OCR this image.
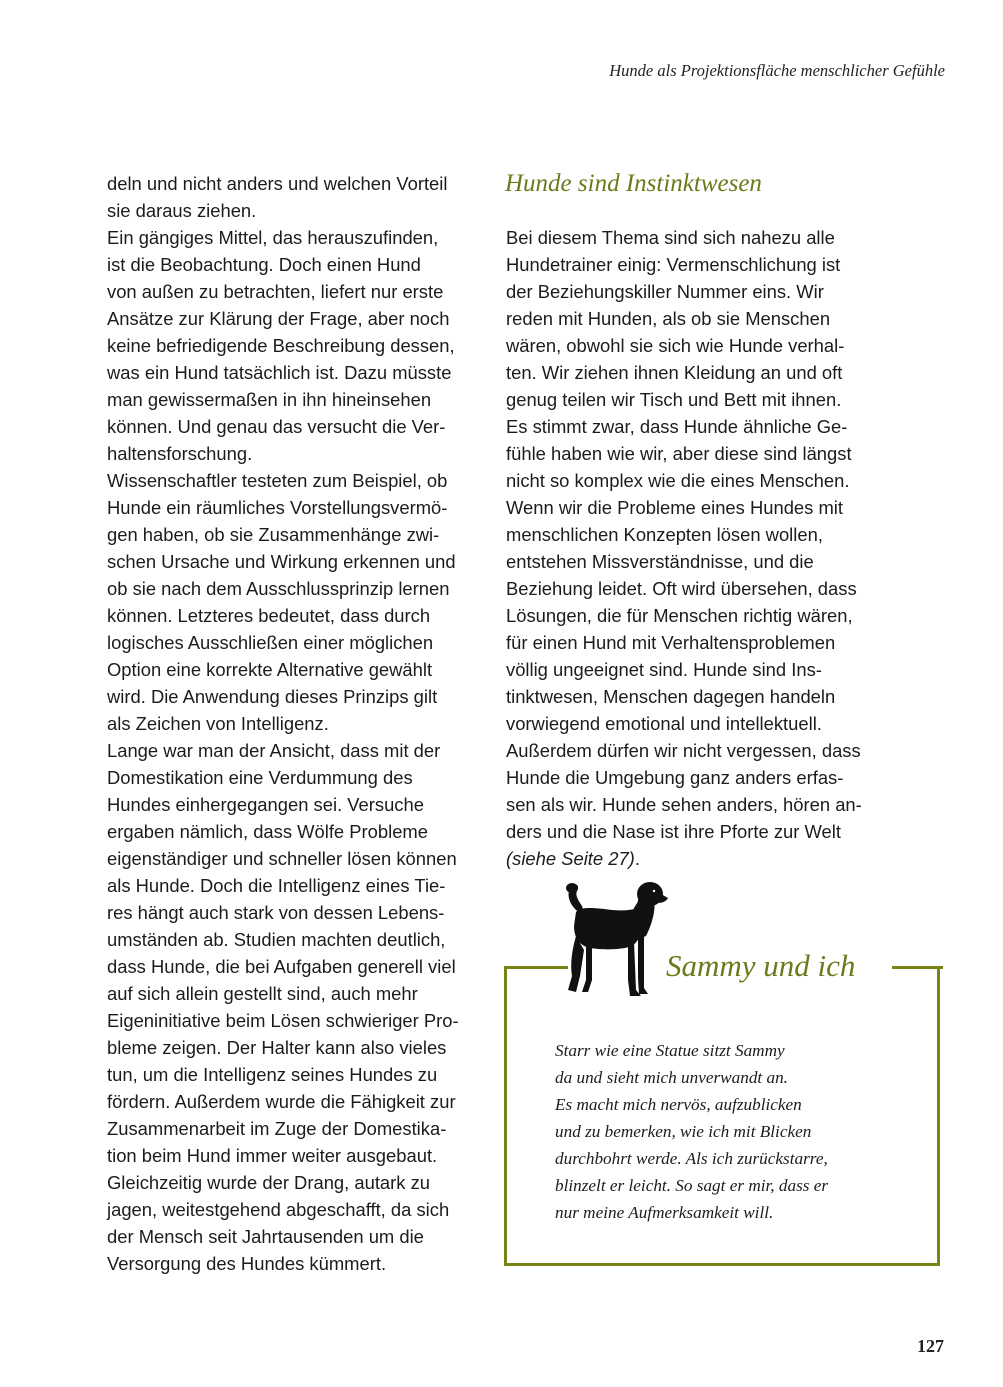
Hunde als Projektionsfläche menschlicher Gefühle
deln und nicht anders und welchen Vorteil
sie daraus ziehen.
Ein gängiges Mittel, das herauszufinden,
ist die Beobachtung. Doch einen Hund
von außen zu betrachten, liefert nur erste
Ansätze zur Klärung der Frage, aber noch
keine befriedigende Beschreibung dessen,
was ein Hund tatsächlich ist. Dazu müsste
man gewissermaßen in ihn hineinsehen
können. Und genau das versucht die Ver-
haltensforschung.
Wissenschaftler testeten zum Beispiel, ob
Hunde ein räumliches Vorstellungsvermö-
gen haben, ob sie Zusammenhänge zwi-
schen Ursache und Wirkung erkennen und
ob sie nach dem Ausschlussprinzip lernen
können. Letzteres bedeutet, dass durch
logisches Ausschließen einer möglichen
Option eine korrekte Alternative gewählt
wird. Die Anwendung dieses Prinzips gilt
als Zeichen von Intelligenz.
Lange war man der Ansicht, dass mit der
Domestikation eine Verdummung des
Hundes einhergegangen sei. Versuche
ergaben nämlich, dass Wölfe Probleme
eigenständiger und schneller lösen können
als Hunde. Doch die Intelligenz eines Tie-
res hängt auch stark von dessen Lebens-
umständen ab. Studien machten deutlich,
dass Hunde, die bei Aufgaben generell viel
auf sich allein gestellt sind, auch mehr
Eigeninitiative beim Lösen schwieriger Pro-
bleme zeigen. Der Halter kann also vieles
tun, um die Intelligenz seines Hundes zu
fördern. Außerdem wurde die Fähigkeit zur
Zusammenarbeit im Zuge der Domestika-
tion beim Hund immer weiter ausgebaut.
Gleichzeitig wurde der Drang, autark zu
jagen, weitestgehend abgeschafft, da sich
der Mensch seit Jahrtausenden um die
Versorgung des Hundes kümmert.
Hunde sind Instinktwesen
Bei diesem Thema sind sich nahezu alle
Hundetrainer einig: Vermenschlichung ist
der Beziehungskiller Nummer eins. Wir
reden mit Hunden, als ob sie Menschen
wären, obwohl sie sich wie Hunde verhal-
ten. Wir ziehen ihnen Kleidung an und oft
genug teilen wir Tisch und Bett mit ihnen.
Es stimmt zwar, dass Hunde ähnliche Ge-
fühle haben wie wir, aber diese sind längst
nicht so komplex wie die eines Menschen.
Wenn wir die Probleme eines Hundes mit
menschlichen Konzepten lösen wollen,
entstehen Missverständnisse, und die
Beziehung leidet. Oft wird übersehen, dass
Lösungen, die für Menschen richtig wären,
für einen Hund mit Verhaltensproblemen
völlig ungeeignet sind. Hunde sind Ins-
tinktwesen, Menschen dagegen handeln
vorwiegend emotional und intellektuell.
Außerdem dürfen wir nicht vergessen, dass
Hunde die Umgebung ganz anders erfas-
sen als wir. Hunde sehen anders, hören an-
ders und die Nase ist ihre Pforte zur Welt
(siehe Seite 27).
Sammy und ich
Starr wie eine Statue sitzt Sammy
da und sieht mich unverwandt an.
Es macht mich nervös, aufzublicken
und zu bemerken, wie ich mit Blicken
durchbohrt werde. Als ich zurückstarre,
blinzelt er leicht. So sagt er mir, dass er
nur meine Aufmerksamkeit will.
127
